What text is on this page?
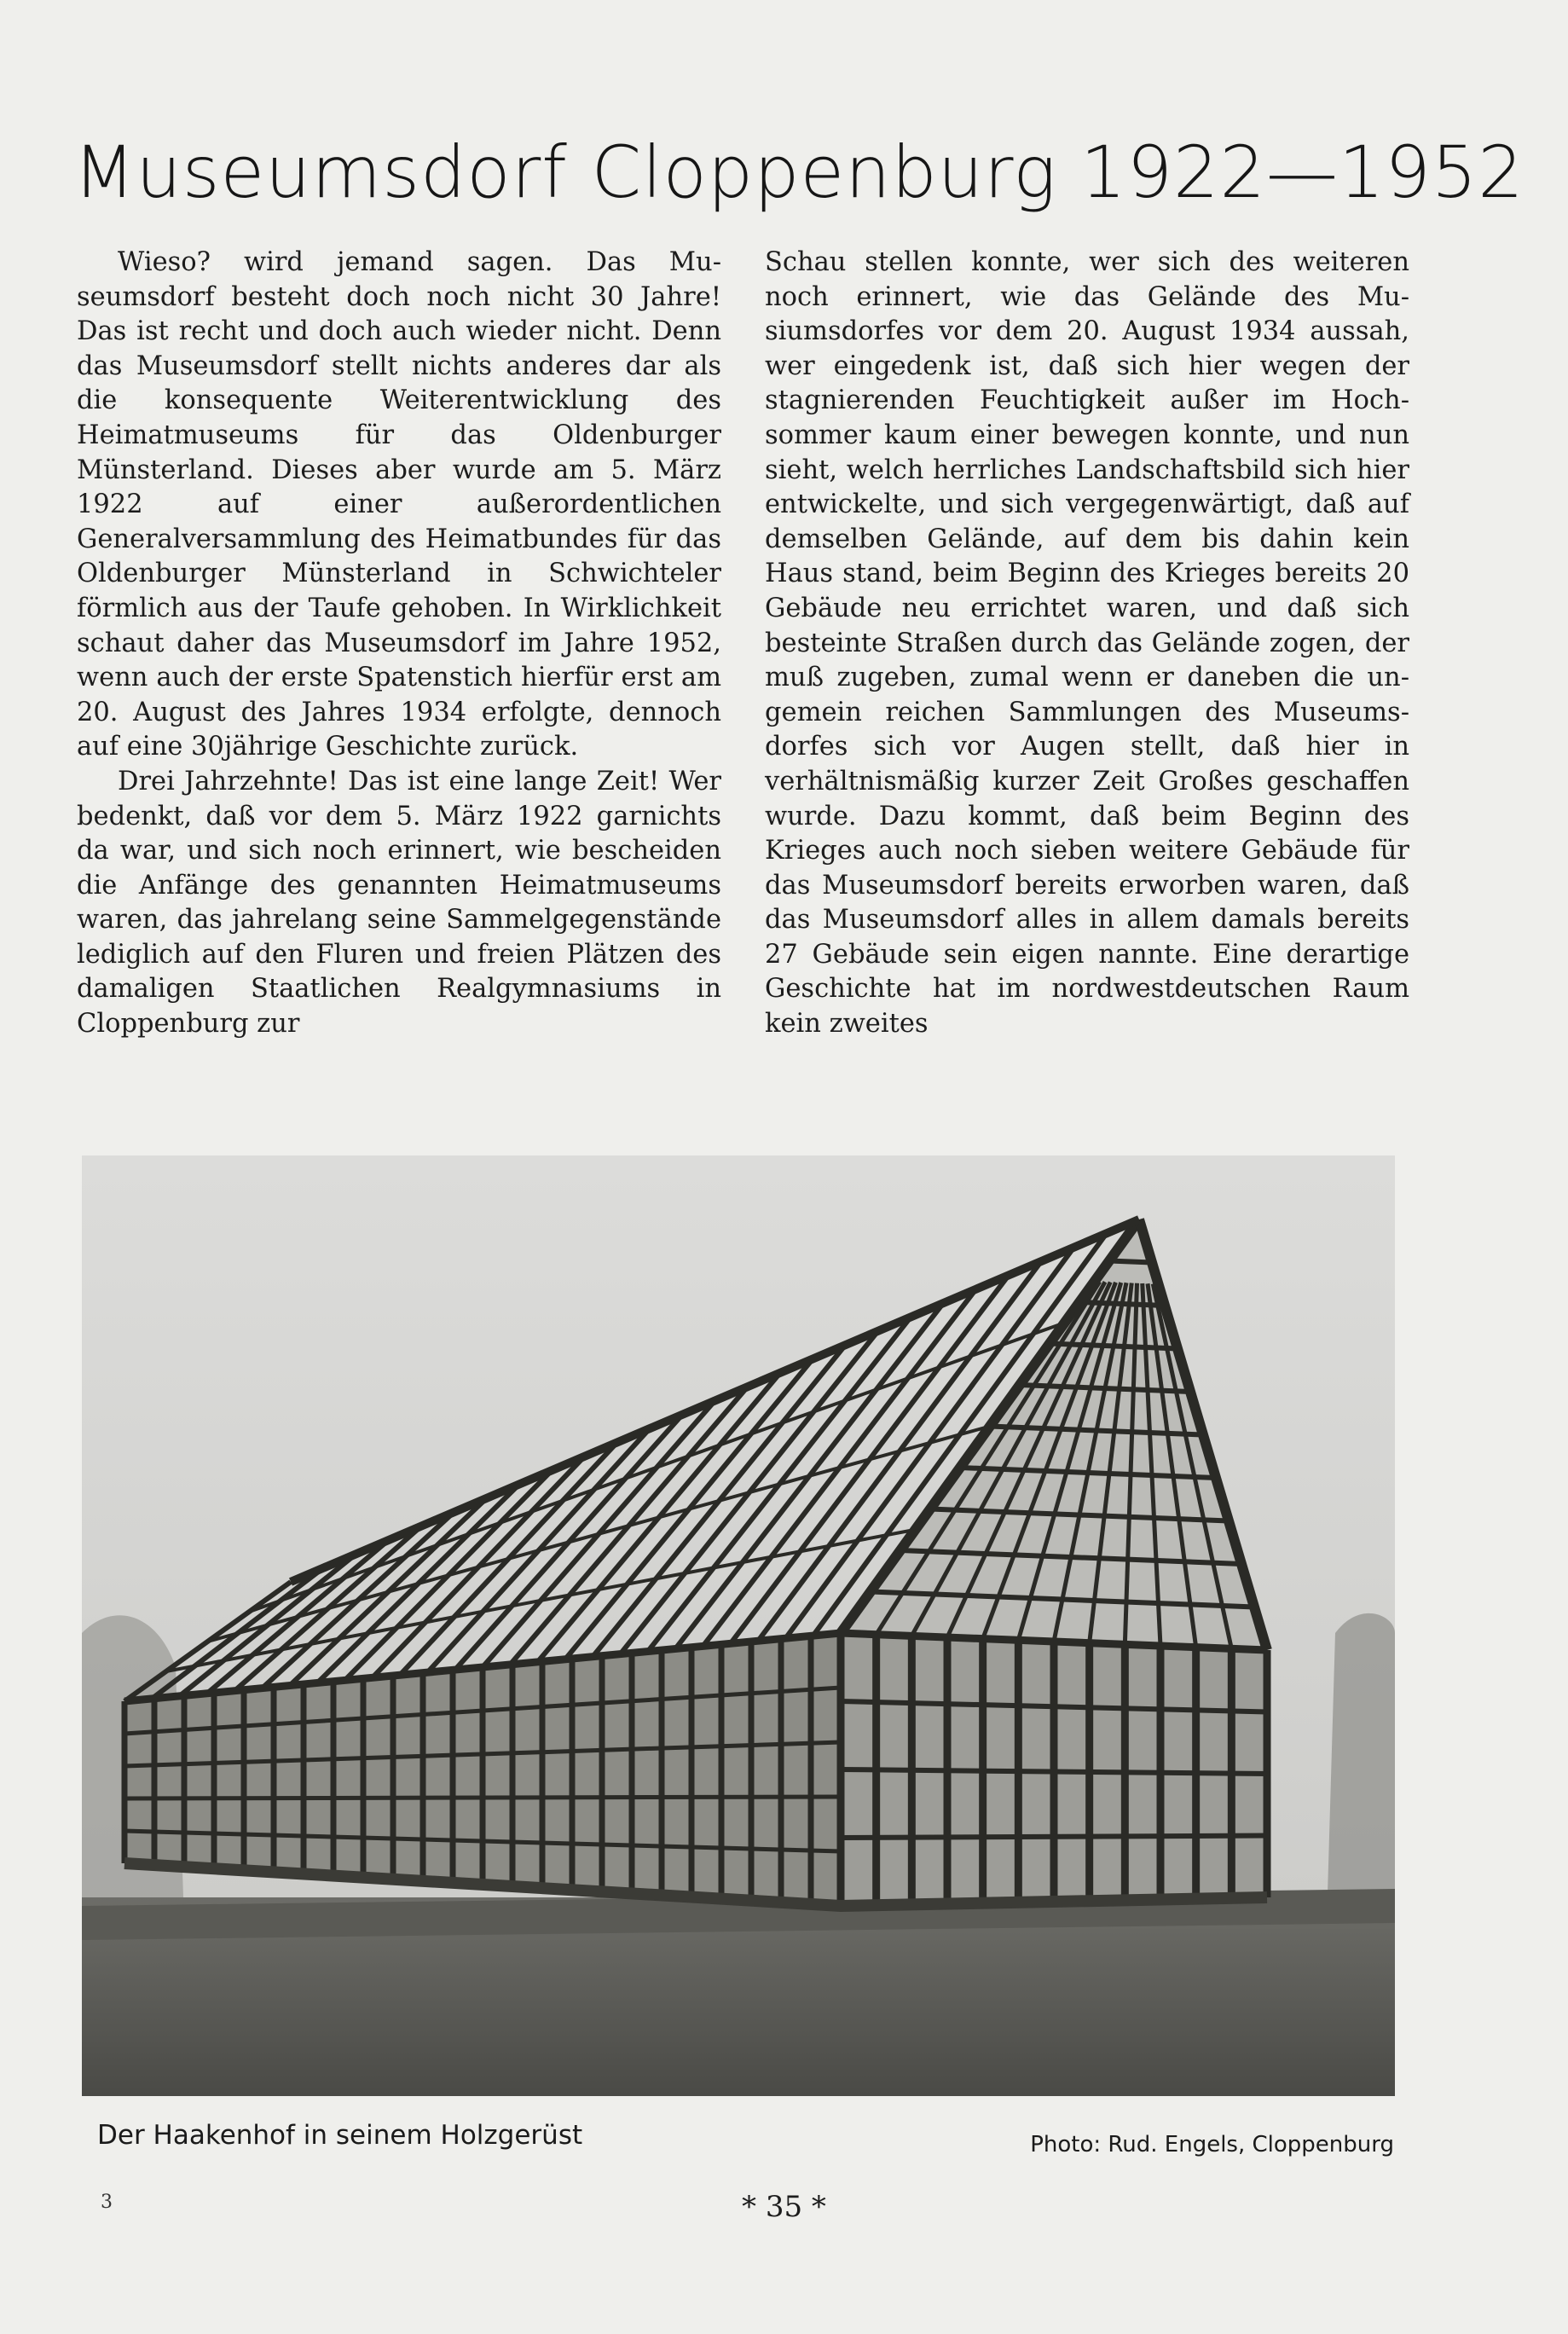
Museumsdorf Cloppenburg 1922—1952

Wieso? wird jemand sagen. Das Museumsdorf besteht doch noch nicht 30 Jahre! Das ist recht und doch auch wieder nicht. Denn das Museumsdorf stellt nichts anderes dar als die konsequente Weiterentwicklung des Heimatmuseums für das Oldenburger Münsterland. Dieses aber wurde am 5. März 1922 auf einer außerordentlichen Generalversammlung des Heimatbundes für das Oldenburger Münsterland in Schwichteler förmlich aus der Taufe gehoben. In Wirklichkeit schaut daher das Museumsdorf im Jahre 1952, wenn auch der erste Spatenstich hierfür erst am 20. August des Jahres 1934 erfolgte, dennoch auf eine 30jährige Geschichte zurück.

Drei Jahrzehnte! Das ist eine lange Zeit! Wer bedenkt, daß vor dem 5. März 1922 garnichts da war, und sich noch erinnert, wie bescheiden die Anfänge des genannten Heimatmuseums waren, das jahrelang seine Sammelgegenstände lediglich auf den Fluren und freien Plätzen des damaligen Staatlichen Realgymnasiums in Cloppenburg zur

Schau stellen konnte, wer sich des weiteren noch erinnert, wie das Gelände des Musiumsdorfes vor dem 20. August 1934 aussah, wer eingedenk ist, daß sich hier wegen der stagnierenden Feuchtigkeit außer im Hochsommer kaum einer bewegen konnte, und nun sieht, welch herrliches Landschaftsbild sich hier entwickelte, und sich vergegenwärtigt, daß auf demselben Gelände, auf dem bis dahin kein Haus stand, beim Beginn des Krieges bereits 20 Gebäude neu errichtet waren, und daß sich besteinte Straßen durch das Gelände zogen, der muß zugeben, zumal wenn er daneben die ungemein reichen Sammlungen des Museumsdorfes sich vor Augen stellt, daß hier in verhältnismäßig kurzer Zeit Großes geschaffen wurde. Dazu kommt, daß beim Beginn des Krieges auch noch sieben weitere Gebäude für das Museumsdorf bereits erworben waren, daß das Museumsdorf alles in allem damals bereits 27 Gebäude sein eigen nannte. Eine derartige Geschichte hat im nordwestdeutschen Raum kein zweites

Der Haakenhof in seinem Holzgerüst	Photo: Rud. Engels, Cloppenburg
3	* 35 *
